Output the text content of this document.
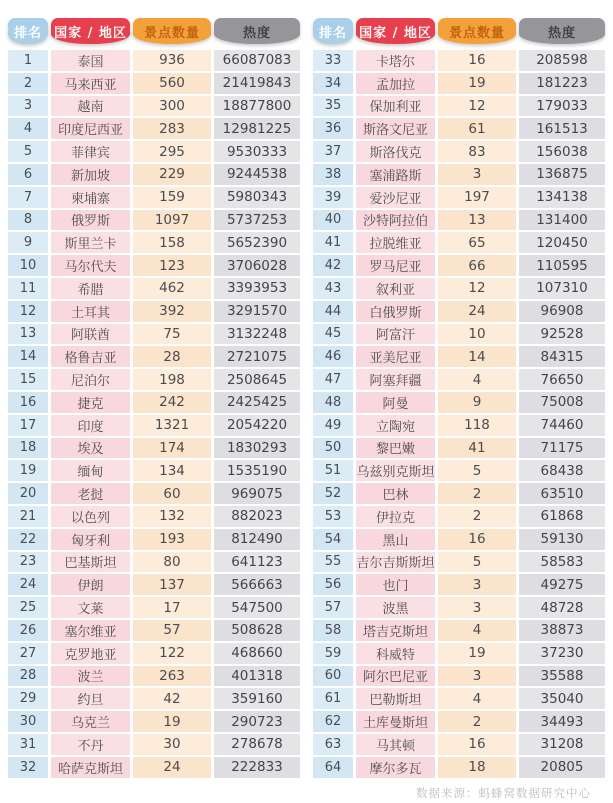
排名 国家 / 地区	景点数量	热度
1	泰国	936	66087083
2	马来西亚	560	21419843
3	越南	300	18877800
4	印度尼西亚	283	12981225
5	菲律宾	295	9530333
6	新加坡	229	9244538
7	柬埔寨	159	5980343
8	俄罗斯	1097	5737253
9	斯里兰卡	158	5652390
10	马尔代夫	123	3706028
11	希腊	462	3393953
12	土耳其	392	3291570
13	阿联酋	75	3132248
14	格鲁吉亚	28	2721075
15	尼泊尔	198	2508645
16	捷克	242	2425425
17	印度	1321	2054220
18	埃及	174	1830293
19	缅甸	134	1535190
20	老挝	60	969075
21	以色列	132	882023
22	匈牙利	193	812490
23	巴基斯坦	80	641123
24	伊朗	137	566663
25	文莱	17	547500
26	塞尔维亚	57	508628
27	克罗地亚	122	468660
28	波兰	263	401318
29	约旦	42	359160
30	乌克兰	19	290723
31	不丹	30	278678
32	哈萨克斯坦	24	222833
排名 国家 / 地区	景点数量	热度
33	卡塔尔	16	208598
34	孟加拉	19	181223
35	保加利亚	12	179033
36	斯洛文尼亚	61	161513
37	斯洛伐克	83	156038
38	塞浦路斯	3	136875
39	爱沙尼亚	197	134138
40	沙特阿拉伯	13	131400
41	拉脱维亚	65	120450
42	罗马尼亚	66	110595
43	叙利亚	12	107310
44	白俄罗斯	24	96908
45	阿富汗	10	92528
46	亚美尼亚	14	84315
47	阿塞拜疆	4	76650
48	阿曼	9	75008
49	立陶宛	118	74460
50	黎巴嫩	41	71175
51	乌兹别克斯坦	5	68438
52	巴林	2	63510
53	伊拉克	2	61868
54	黑山	16	59130
55	吉尔吉斯斯坦	5	58583
56	也门	3	49275
57	波黑	3	48728
58	塔吉克斯坦	4	38873
59	科威特	19	37230
60	阿尔巴尼亚	3	35588
61	巴勒斯坦	4	35040
62	土库曼斯坦	2	34493
63	马其顿	16	31208
64	摩尔多瓦	18	20805
数据来源：蚂蜂窝数据研究中心
